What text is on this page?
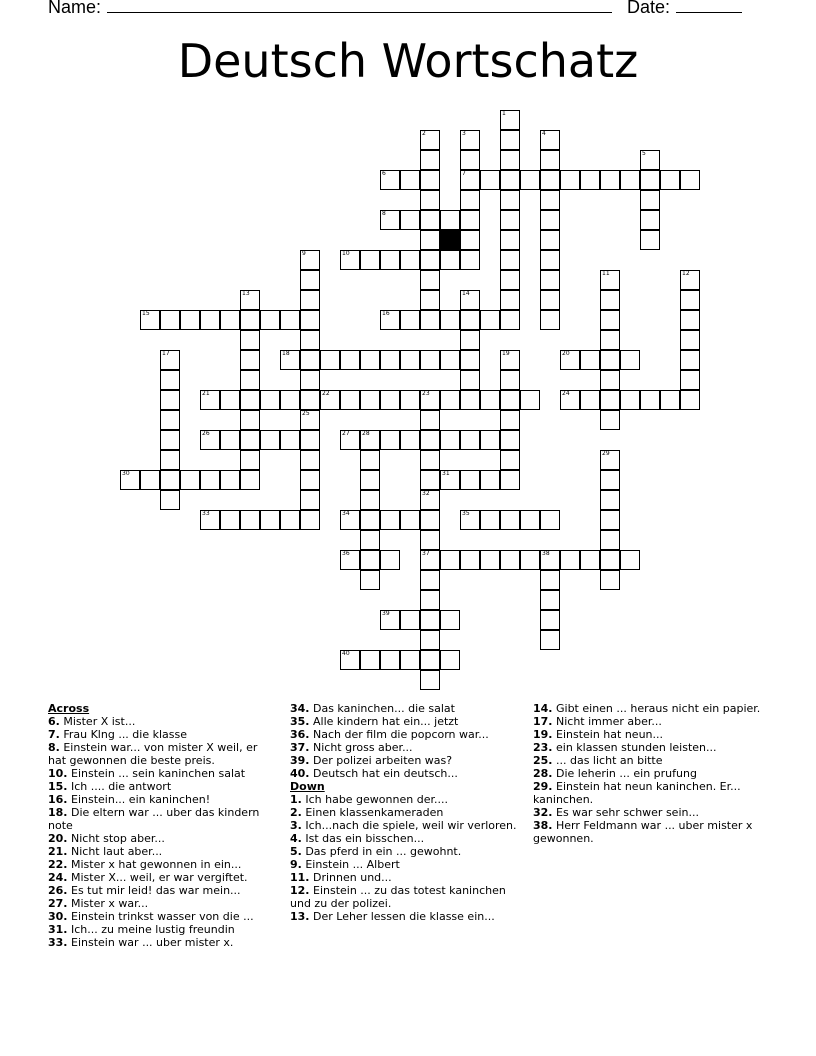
Name:	Date:
Deutsch Wortschatz
1
2	3	4
5
6	7
8
9	10
11	12
13	14
15	16
17	18	19	20
21	22	23	24
25
26	27 28
29
30	31
32
33	34	35
36	37	38
39
40
Across
6. Mister X ist...
7. Frau Klng ... die klasse
8. Einstein war... von mister X weil, er hat gewonnen die beste preis.
10. Einstein ... sein kaninchen salat
15. Ich .... die antwort
16. Einstein... ein kaninchen!
18. Die eltern war ... uber das kindern note
20. Nicht stop aber...
21. Nicht laut aber...
22. Mister x hat gewonnen in ein...
24. Mister X... weil, er war vergiftet.
26. Es tut mir leid! das war mein...
27. Mister x war...
30. Einstein trinkst wasser von die ...
31. Ich... zu meine lustig freundin
33. Einstein war ... uber mister x.
34. Das kaninchen... die salat
35. Alle kindern hat ein... jetzt
36. Nach der film die popcorn war...
37. Nicht gross aber...
39. Der polizei arbeiten was?
40. Deutsch hat ein deutsch...
Down
1. Ich habe gewonnen der....
2. Einen klassenkameraden
3. Ich...nach die spiele, weil wir verloren.
4. Ist das ein bisschen...
5. Das pferd in ein ... gewohnt.
9. Einstein ... Albert
11. Drinnen und...
12. Einstein ... zu das totest kaninchen und zu der polizei.
13. Der Leher lessen die klasse ein...
14. Gibt einen ... heraus nicht ein papier.
17. Nicht immer aber...
19. Einstein hat neun...
23. ein klassen stunden leisten...
25. ... das licht an bitte
28. Die leherin ... ein prufung
29. Einstein hat neun kaninchen. Er... kaninchen.
32. Es war sehr schwer sein...
38. Herr Feldmann war ... uber mister x gewonnen.
